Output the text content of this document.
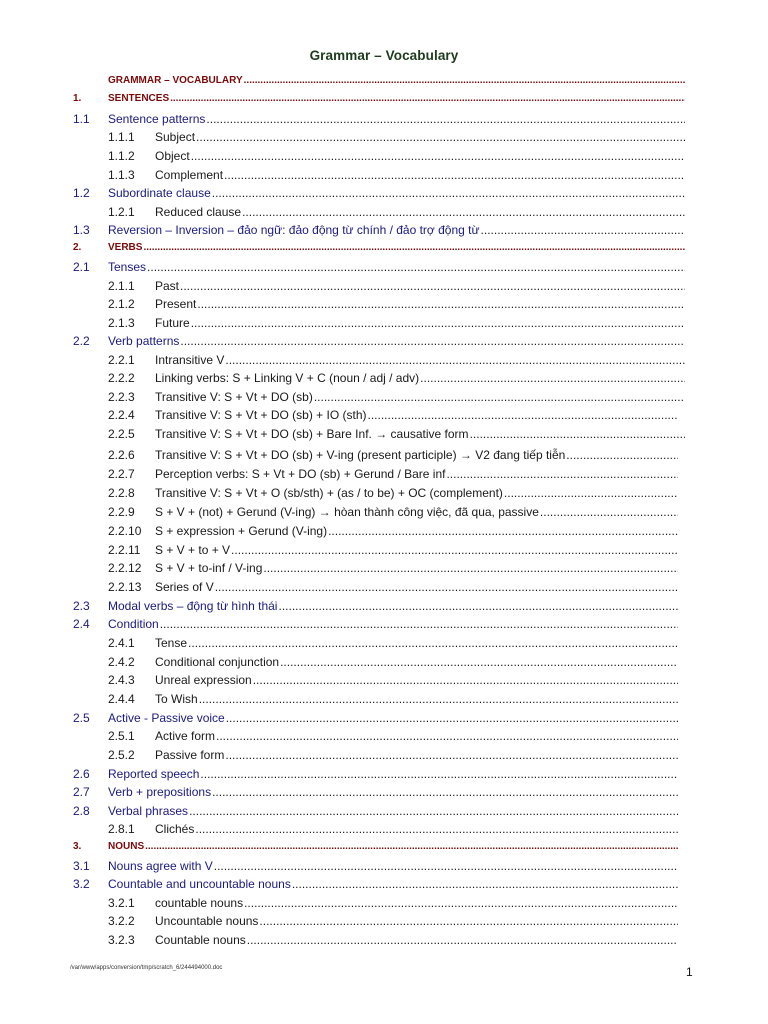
Grammar – Vocabulary
GRAMMAR – VOCABULARY
.....
1.	SENTENCES
.....
1.1	Sentence patterns
.....
1.1.1	Subject
.....
1.1.2	Object
.....
1.1.3	Complement
.....
1.2	Subordinate clause
.....
1.2.1	Reduced clause
.....
1.3	Reversion – Inversion – đảo ngữ: đảo động từ chính / đảo trợ động từ
.....
2.	VERBS
.....
2.1	Tenses
.....
2.1.1	Past
.....
2.1.2	Present
.....
2.1.3	Future
.....
2.2	Verb patterns
.....
2.2.1	Intransitive V
.....
2.2.2	Linking verbs: S + Linking V + C (noun / adj / adv)
.....
2.2.3	Transitive V: S + Vt + DO (sb)
.....
2.2.4	Transitive V: S + Vt + DO (sb) + IO (sth)
.....
2.2.5	Transitive V: S + Vt + DO (sb) + Bare Inf. → causative form
.....
2.2.6	Transitive V: S + Vt + DO (sb) + V-ing (present participle) → V2 đang tiếp tiễn
.....
2.2.7	Perception verbs: S + Vt + DO (sb) + Gerund / Bare inf
.....
2.2.8	Transitive V: S + Vt + O (sb/sth) + (as / to be) + OC (complement)
.....
2.2.9	S + V + (not) + Gerund (V-ing) → hòan thành công việc, đã qua, passive
.....
2.2.10	S + expression + Gerund (V-ing)
.....
2.2.11	S + V + to + V
.....
2.2.12	S + V + to-inf / V-ing
.....
2.2.13	Series of V
.....
2.3	Modal verbs – động từ hình thái
.....
2.4	Condition
.....
2.4.1	Tense
.....
2.4.2	Conditional conjunction
.....
2.4.3	Unreal expression
.....
2.4.4	To Wish
.....
2.5	Active - Passive voice
.....
2.5.1	Active form
.....
2.5.2	Passive form
.....
2.6	Reported speech
.....
2.7	Verb + prepositions
.....
2.8	Verbal phrases
.....
2.8.1	Clichés
.....
3.	NOUNS
.....
3.1	Nouns agree with V
.....
3.2	Countable and uncountable nouns
.....
3.2.1	countable nouns
.....
3.2.2	Uncountable nouns
.....
3.2.3	Countable nouns
.....
/var/www/apps/conversion/tmp/scratch_6/244494000.doc	1
